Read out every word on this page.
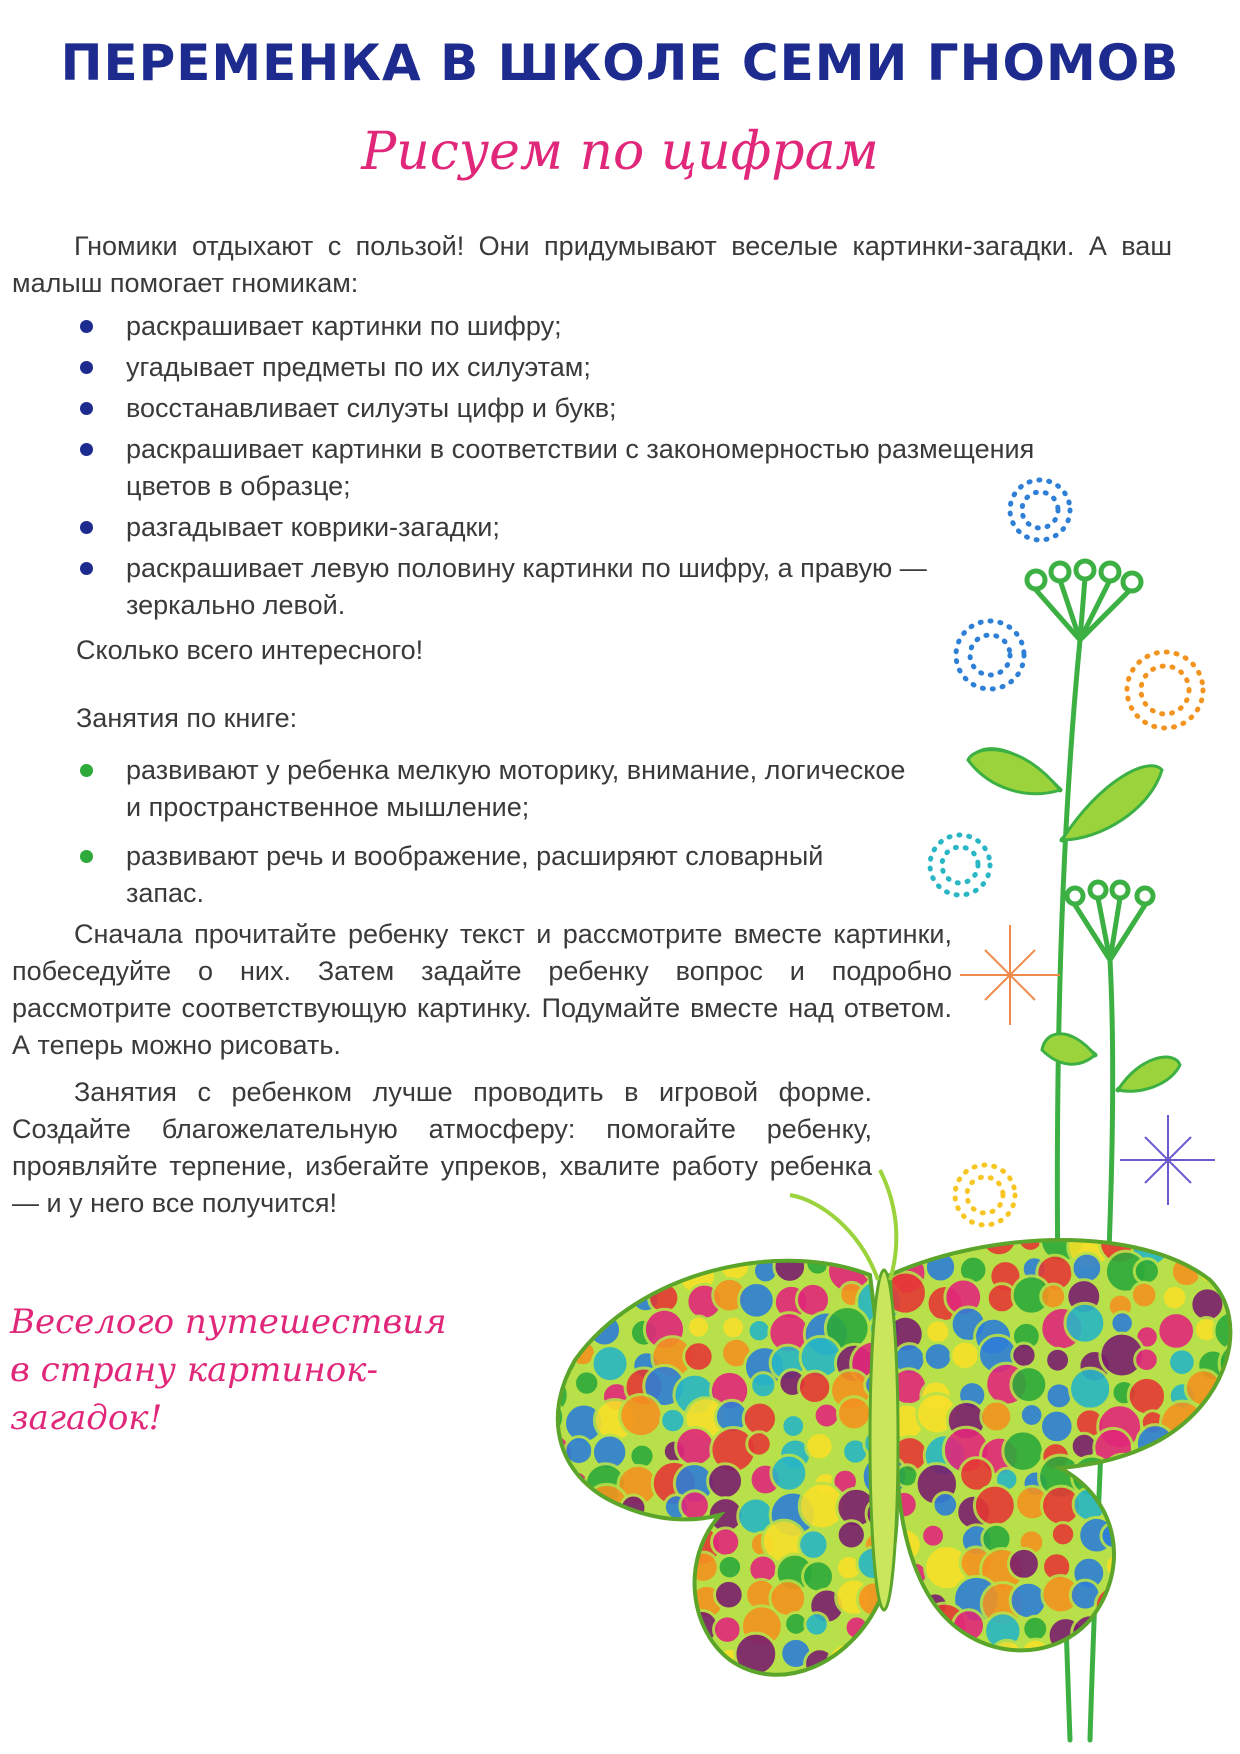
ПЕРЕМЕНКА В ШКОЛЕ СЕМИ ГНОМОВ
Рисуем по цифрам

Гномики отдыхают с пользой! Они придумывают веселые картинки-загадки. А ваш малыш помогает гномикам:

раскрашивает картинки по шифру;
угадывает предметы по их силуэтам;
восстанавливает силуэты цифр и букв;
раскрашивает картинки в соответствии с закономерностью размещения цветов в образце;
разгадывает коврики-загадки;
раскрашивает левую половину картинки по шифру, а правую — зеркально левой.

Сколько всего интересного!

Занятия по книге:

развивают у ребенка мелкую моторику, внимание, логическое и пространственное мышление;
развивают речь и воображение, расширяют словарный запас.

Сначала прочитайте ребенку текст и рассмотрите вместе картинки, побеседуйте о них. Затем задайте ребенку вопрос и подробно рассмотрите соответствующую картинку. Подумайте вместе над ответом. А теперь можно рисовать.

Занятия с ребенком лучше проводить в игровой форме. Создайте благожелательную атмосферу: помогайте ребенку, проявляйте терпение, избегайте упреков, хвалите работу ребенка — и у него все получится!

Веселого путешествия в страну картинок-загадок!
